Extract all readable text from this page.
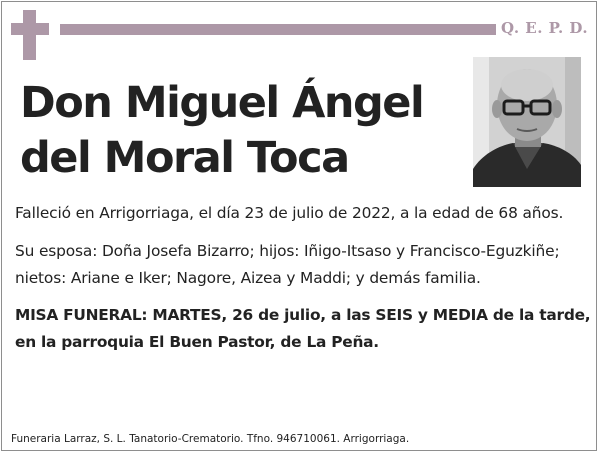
Q. E. P. D.
Don Miguel Ángel
del Moral Toca

Falleció en Arrigorriaga, el día 23 de julio de 2022, a la edad de 68 años.

Su esposa: Doña Josefa Bizarro; hijos: Iñigo-Itsaso y Francisco-Eguzkiñe;

nietos: Ariane e Iker; Nagore, Aizea y Maddi; y demás familia.

MISA FUNERAL: MARTES, 26 de julio, a las SEIS y MEDIA de la tarde,

en la parroquia El Buen Pastor, de La Peña.

Funeraria Larraz, S. L. Tanatorio-Crematorio. Tfno. 946710061. Arrigorriaga.
